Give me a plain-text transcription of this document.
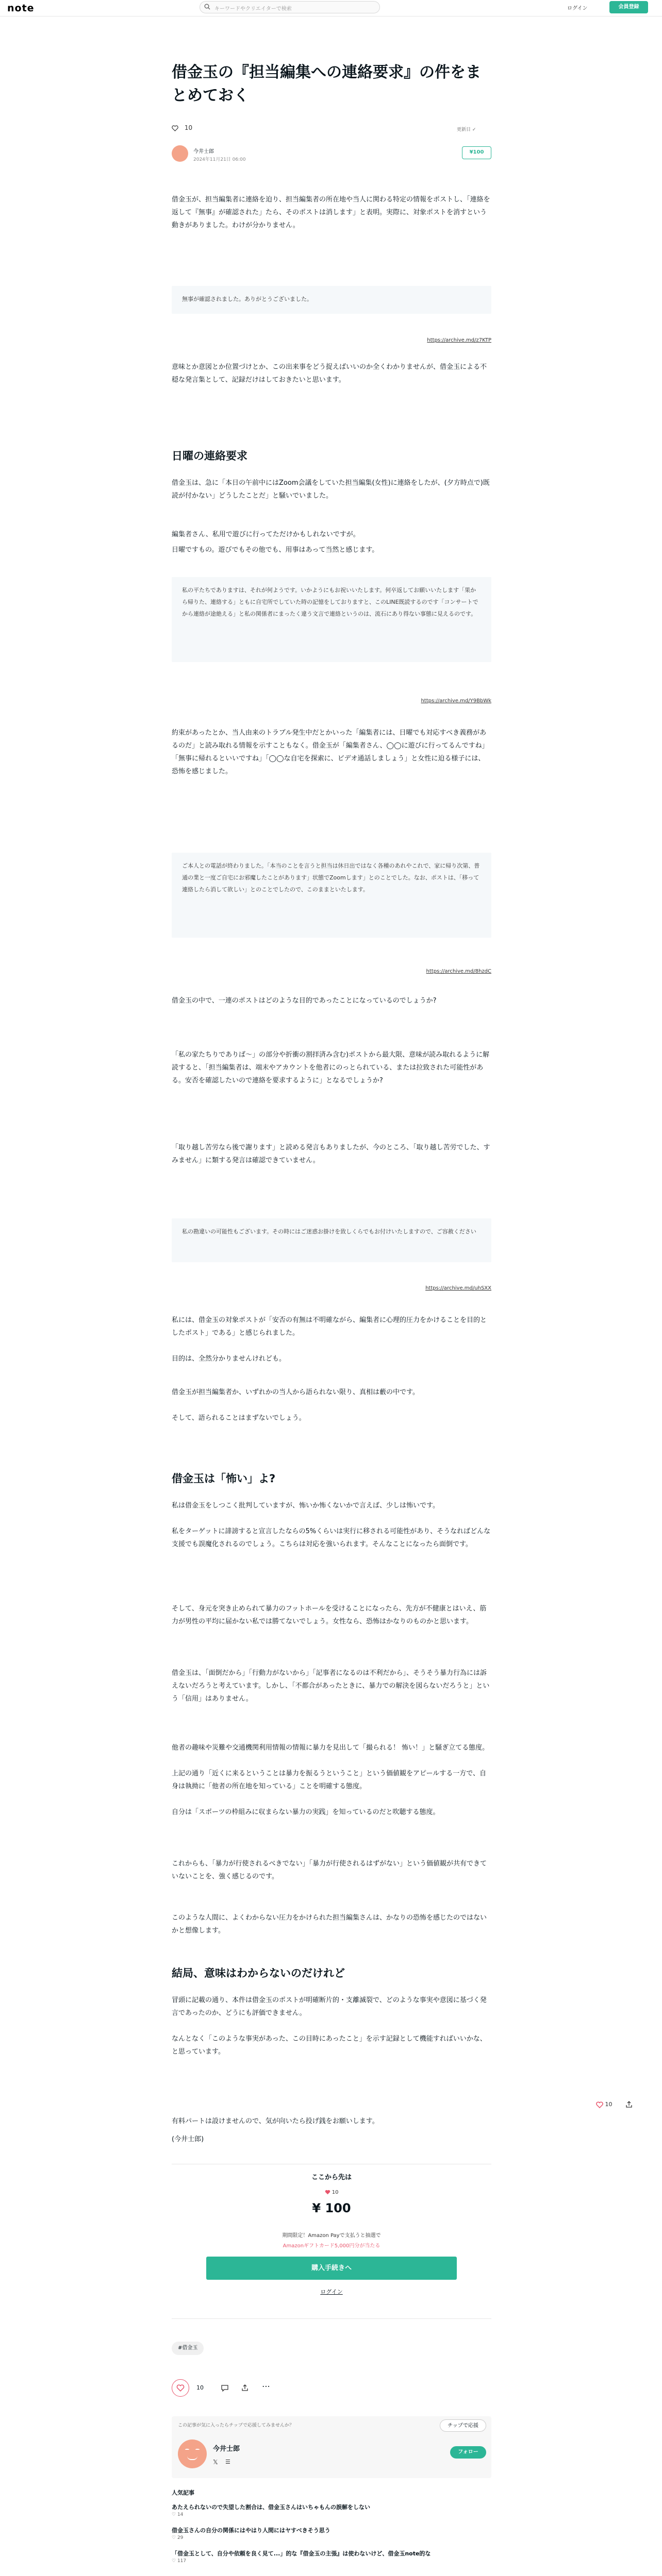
note	キーワードやクリエイターで検索	ログイン	会員登録
借金玉の『担当編集への連絡要求』の件をまとめておく
10	更新日 ✓
今井士郎
2024年11月21日 06:00
¥100
借金玉が、担当編集者に連絡を迫り、担当編集者の所在地や当人に関わる特定の情報をポストし、「連絡を返して『無事』が確認された」たら、そのポストは消します」と表明。実際に、対象ポストを消すという動きがありました。わけが分かりません。
無事が確認されました。ありがとうございました。
https://archive.md/z7KTP
意味とか意図とか位置づけとか、この出来事をどう捉えばいいのか全くわかりませんが、借金玉による不穏な発言集として、記録だけはしておきたいと思います。
日曜の連絡要求
借金玉は、急に「本日の午前中にはZoom会議をしていた担当編集(女性)に連絡をしたが、(夕方時点で)既読が付かない」どうしたことだ」と騒いでいました。
編集者さん、私用で遊びに行ってただけかもしれないですが。
日曜ですもの。遊びでもその他でも、用事はあって当然と感じます。
私の平たちでありますは、それが何ようです。いかようにもお祝いいたします。何卒返してお願いいたします「果から帰りた、連絡する」ともに自宅所でしていた時の記憶をしておりますと、このLINE既読するのです「コンサートでから連絡が途絶える」と私の関係者にまったく違う文言で連絡というのは、流石にあり得ない事態に見えるのです。
https://archive.md/Y9BbWk
約束があったとか、当人由来のトラブル発生中だとかいった「編集者には、日曜でも対応すべき義務があるのだ」と読み取れる情報を示すこともなく。借金玉が「編集者さん、◯◯に遊びに行ってるんですね」「無事に帰れるといいですね」「◯◯な自宅を探索に、ビデオ通話しましょう」と女性に迫る様子には、恐怖を感じました。
ご本人との電話が終わりました。「本当のことを言うと担当は休日出ではなく各種のあれやこれで、家に帰り次第、普通の業と一度ご自宅にお邪魔したことがあります」状態でZoomします」とのことでした。なお、ポストは、「移って連絡したら消して欲しい」とのことでしたので、このままといたします。
https://archive.md/8hzdC
借金玉の中で、一連のポストはどのような目的であったことになっているのでしょうか?
「私の家たちりでありば〜」の部分や折衝の割拝済み含む)ポストから最大限、意味が読み取れるように解読すると、「担当編集者は、端末やアカウントを他者にのっとられている、または拉致された可能性がある。安否を確認したいので連絡を要求するように」となるでしょうか?
「取り越し苦労なら後で謝ります」と読める発言もありましたが、今のところ、「取り越し苦労でした、すみません」に類する発言は確認できていません。
私の勘違いの可能性もございます。その時にはご迷惑お掛けを致しくらでもお付けいたしますので、ご容赦ください
https://archive.md/uhSXX
私には、借金玉の対象ポストが「安否の有無は不明確ながら、編集者に心理的圧力をかけることを目的としたポスト」である」と感じられました。
目的は、全然分かりませんけれども。
借金玉が担当編集者か、いずれかの当人から語られない限り、真相は藪の中です。
そして、語られることはまずないでしょう。
借金玉は「怖い」よ?
私は借金玉をしつこく批判していますが、怖いか怖くないかで言えば、少しは怖いです。
私をターゲットに誹謗すると宣言したならの5%くらいは実行に移される可能性があり、そうなればどんな支援でも誤魔化されるのでしょう。こちらは対応を強いられます。そんなことになったら面倒です。
そして、身元を突き止められて暴力のフットホールを受けることになったら、先方が不健康とはいえ、筋力が男性の平均に届かない私では勝てないでしょう。女性なら、恐怖はかなりのものかと思います。
借金玉は、「面倒だから」「行動力がないから」「記事者になるのは不利だから」、そうそう暴力行為には訴えないだろうと考えています。しかし、「不都合があったときに、暴力での解決を図らないだろうと」という「信用」はありません。
他者の趣味や災難や交通機関利用情報の情報に暴力を見出して「撮られる！ 怖い！」と騒ぎ立てる態度。
上記の通り「近くに来るということは暴力を振るうということ」という価値観をアピールする一方で、自身は執拗に「他者の所在地を知っている」ことを明確する態度。
自分は「スポーツの枠組みに収まらない暴力の実践」を知っているのだと吹聴する態度。
これからも、「暴力が行使されるべきでない」「暴力が行使されるはずがない」という価値観が共有できていないことを、強く感じるのです。
このような人間に、よくわからない圧力をかけられた担当編集さんは、かなりの恐怖を感じたのではないかと想像します。
結局、意味はわからないのだけれど
冒頭に記載の通り、本件は借金玉のポストが明確断片的・支離滅裂で、どのような事実や意図に基づく発言であったのか、どうにも評価できません。
なんとなく「このような事実があった、この目時にあったこと」を示す記録として機能すればいいかな、と思っています。
有料パートは設けませんので、気が向いたら投げ銭をお願いします。
(今井士郎)
10
ここから先は
10
¥ 100
期間限定！Amazon Payで支払うと抽選で
Amazonギフトカード5,000円分が当たる
購入手続きへ
ログイン
#借金玉
10	⋯
この記事が気に入ったらチップで応援してみませんか？	チップで応援
今井士郎
𝕏 ☰
フォロー
人気記事
あたえられないので失望した割合は、借金玉さんはいちゃもんの誤解をしない
♡ 14
借金玉さんの自分の関係にはやはり人間にはヤすべきそう思う
♡ 29
「借金玉として、自分や依頼を良く見て...」的な『借金玉の主張』は使わないけど、借金玉note的な
♡ 117
